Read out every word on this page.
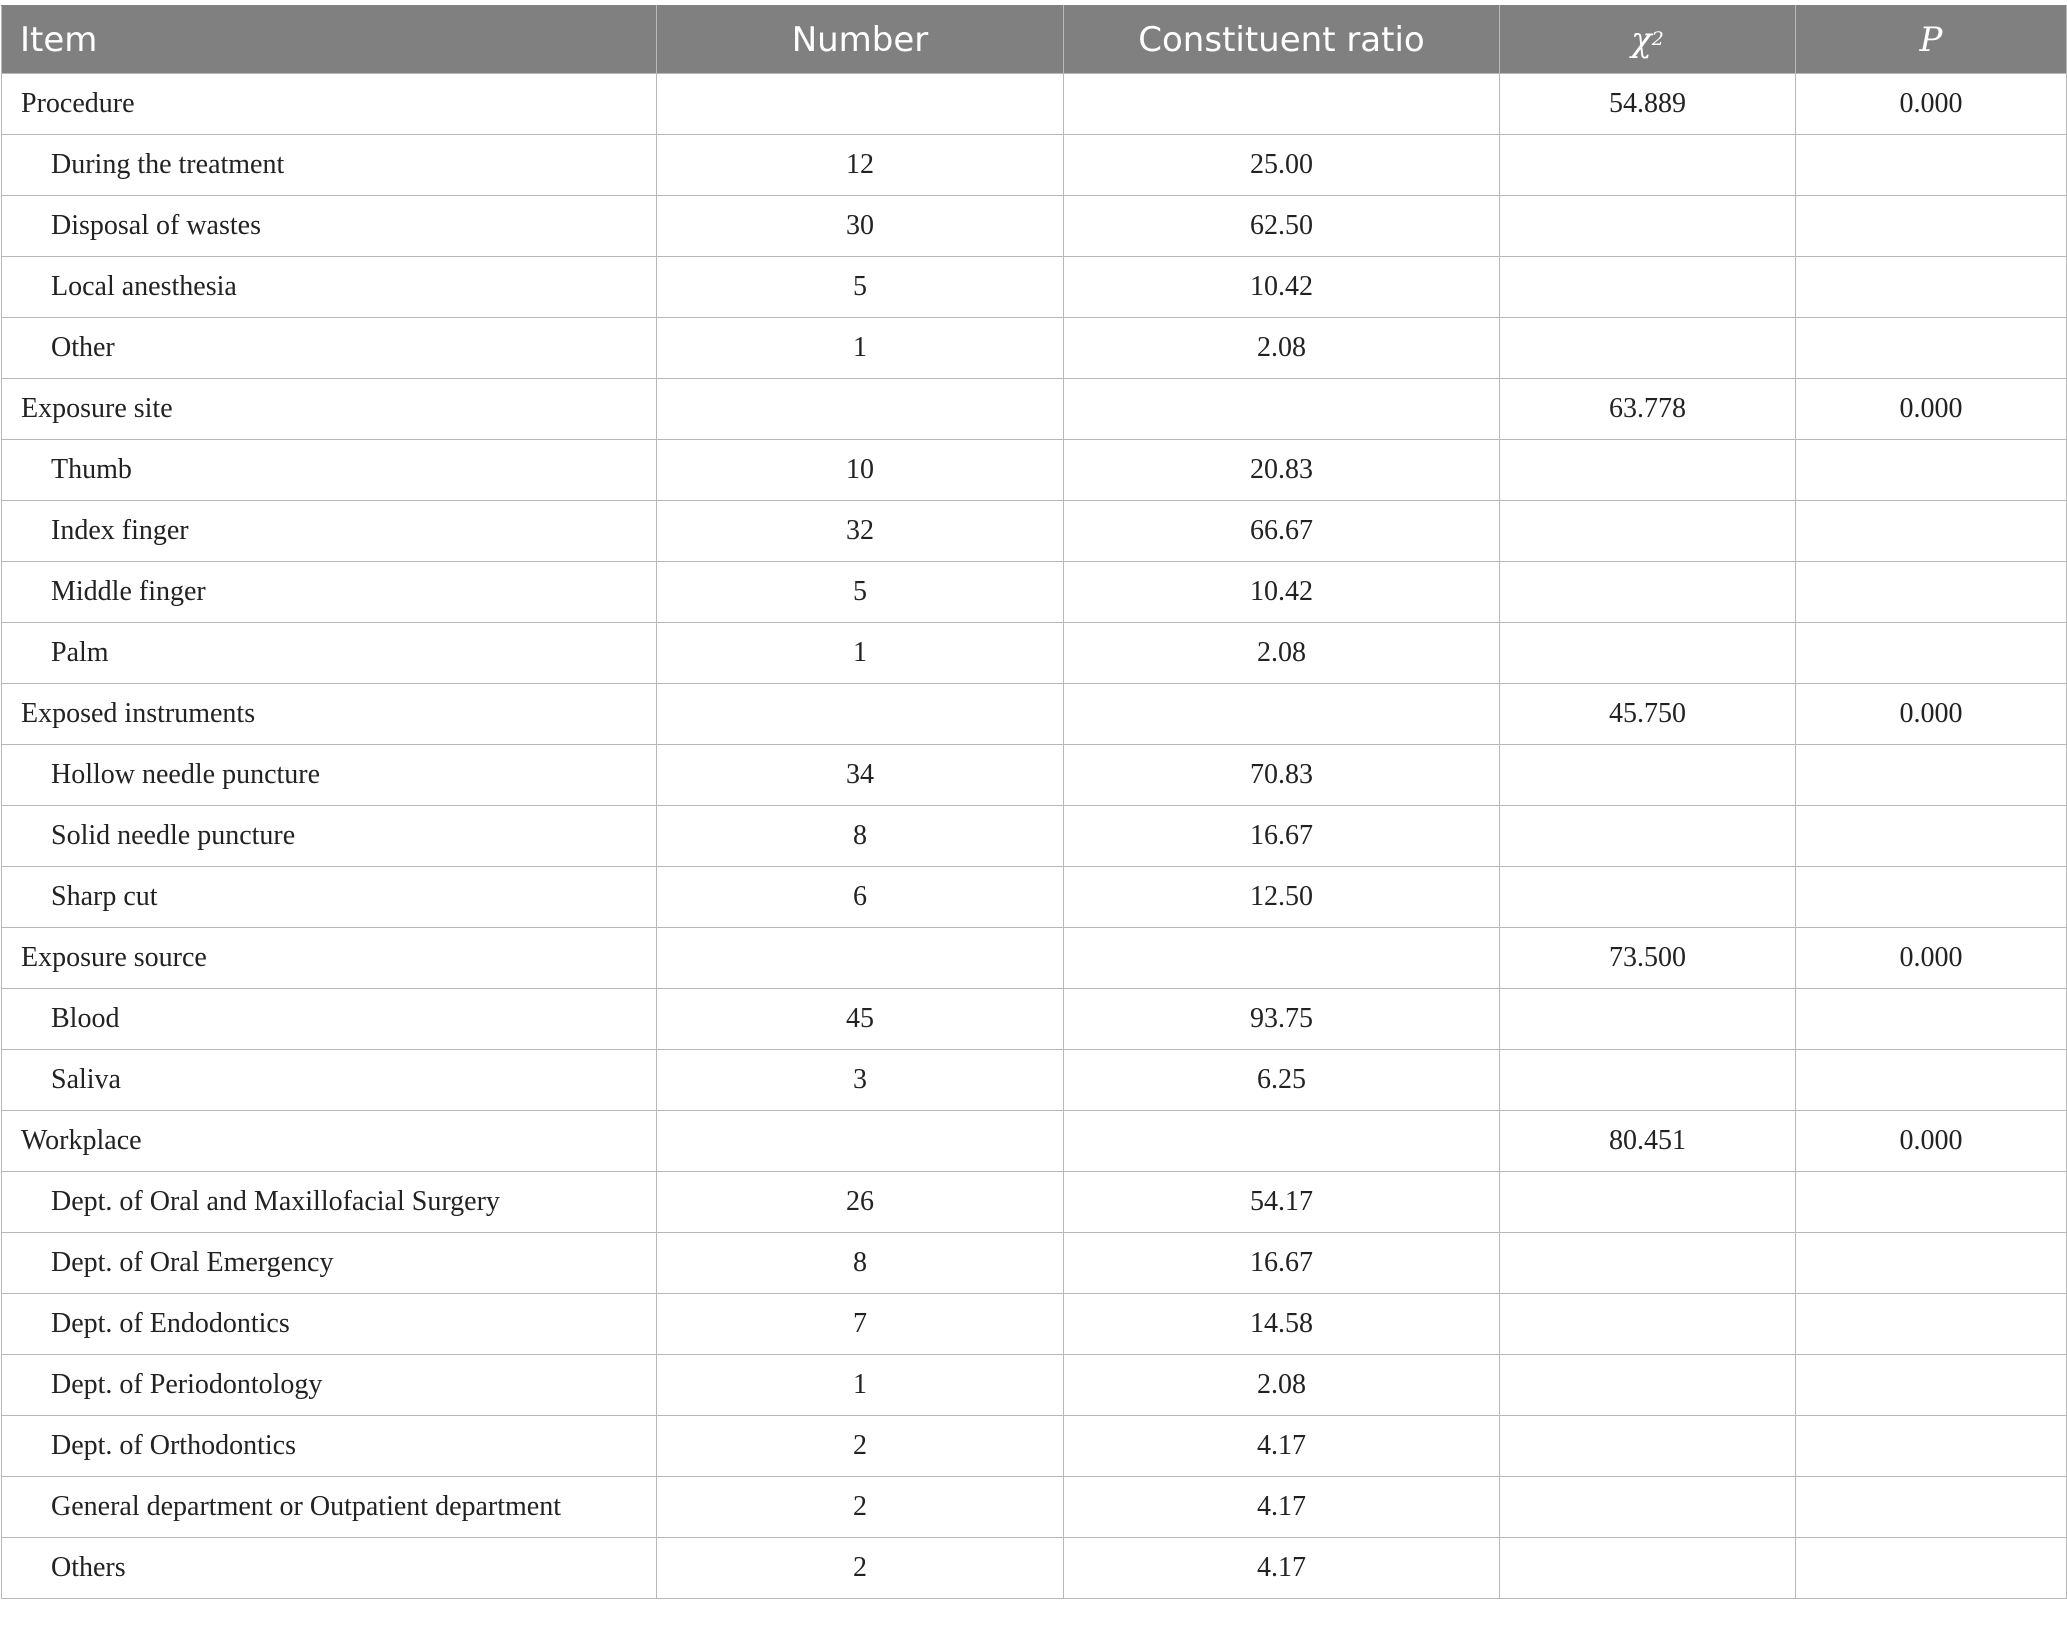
Item	Number	Constituent ratio	$\chi^2$	P
Procedure			54.889	0.000
During the treatment	12	25.00		
Disposal of wastes	30	62.50		
Local anesthesia	5	10.42		
Other	1	2.08		
Exposure site			63.778	0.000
Thumb	10	20.83		
Index finger	32	66.67		
Middle finger	5	10.42		
Palm	1	2.08		
Exposed instruments			45.750	0.000
Hollow needle puncture	34	70.83		
Solid needle puncture	8	16.67		
Sharp cut	6	12.50		
Exposure source			73.500	0.000
Blood	45	93.75		
Saliva	3	6.25		
Workplace			80.451	0.000
Dept. of Oral and Maxillofacial Surgery	26	54.17		
Dept. of Oral Emergency	8	16.67		
Dept. of Endodontics	7	14.58		
Dept. of Periodontology	1	2.08		
Dept. of Orthodontics	2	4.17		
General department or Outpatient department	2	4.17		
Others	2	4.17		
